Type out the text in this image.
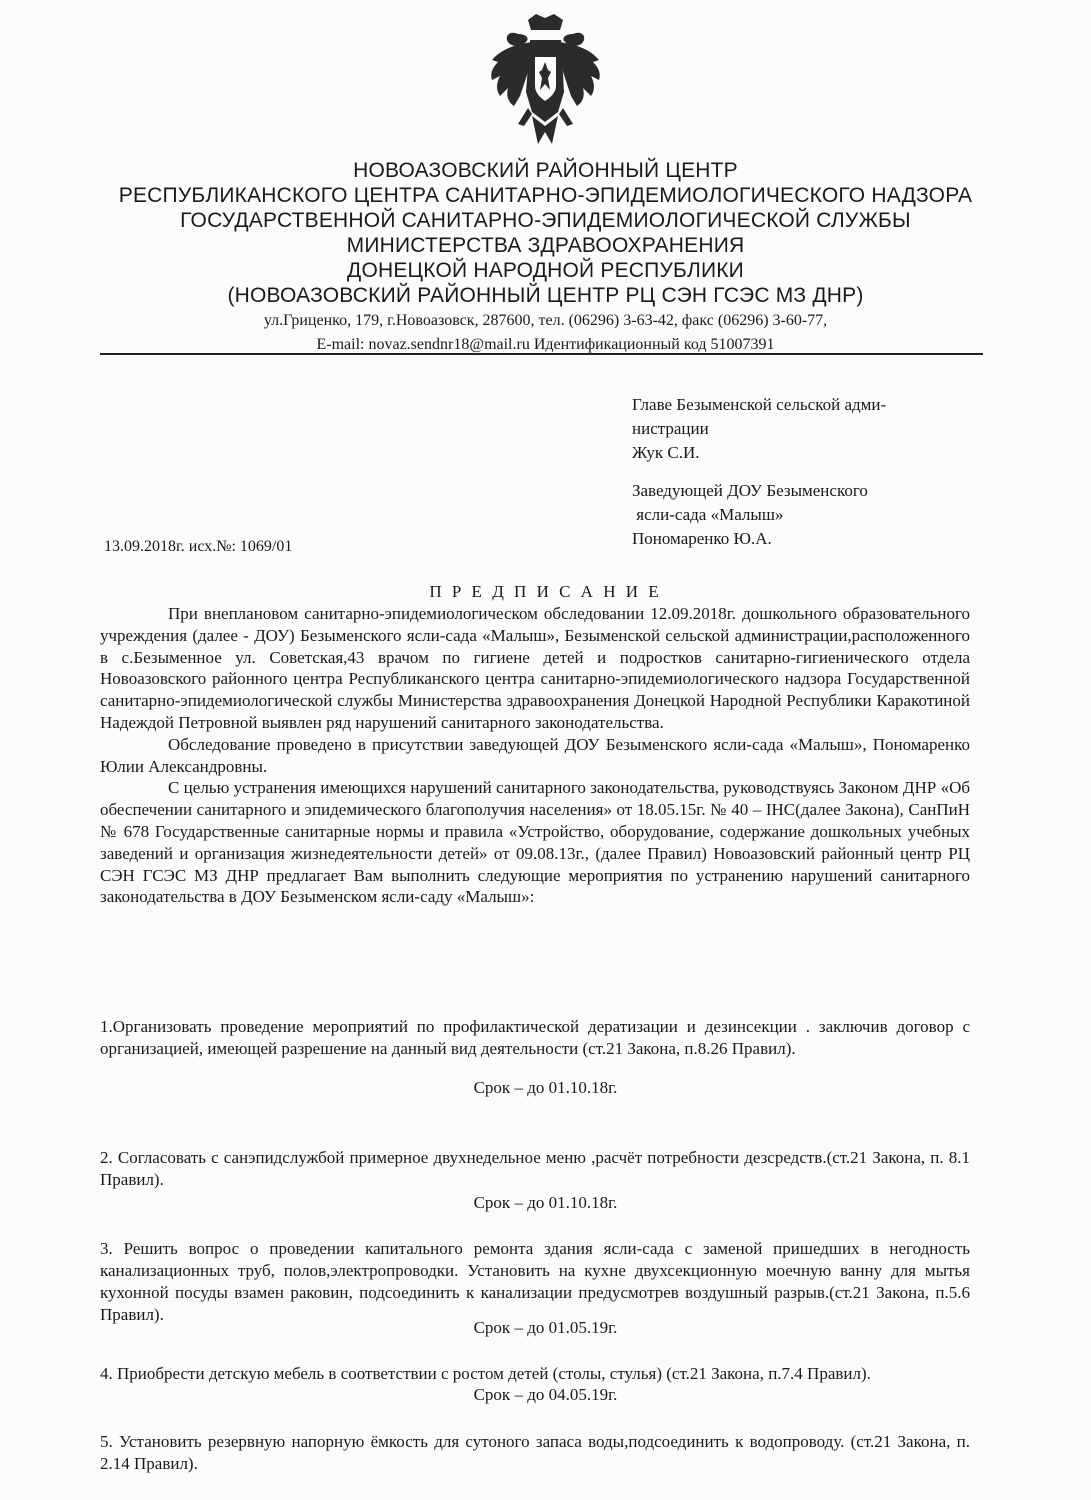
НОВОАЗОВСКИЙ РАЙОННЫЙ ЦЕНТР
РЕСПУБЛИКАНСКОГО ЦЕНТРА САНИТАРНО-ЭПИДЕМИОЛОГИЧЕСКОГО НАДЗОРА
ГОСУДАРСТВЕННОЙ САНИТАРНО-ЭПИДЕМИОЛОГИЧЕСКОЙ СЛУЖБЫ
МИНИСТЕРСТВА ЗДРАВООХРАНЕНИЯ
ДОНЕЦКОЙ НАРОДНОЙ РЕСПУБЛИКИ
(НОВОАЗОВСКИЙ РАЙОННЫЙ ЦЕНТР РЦ СЭН ГСЭС МЗ ДНР)
ул.Гриценко, 179, г.Новоазовск, 287600, тел. (06296) 3-63-42, факс (06296) 3-60-77,
E-mail: novaz.sendnr18@mail.ru Идентификационный код 51007391
Главе Безыменской сельской адми-
нистрации
Жук С.И.
Заведующей ДОУ Безыменского
ясли-сада «Малыш»
Пономаренко Ю.А.
13.09.2018г. исх.№: 1069/01
П Р Е Д П И С А Н И Е

При внеплановом санитарно-эпидемиологическом обследовании 12.09.2018г. дошкольного образовательного учреждения (далее - ДОУ) Безыменского ясли-сада «Малыш», Безыменской сельской администрации,расположенного в с.Безыменное ул. Советская,43 врачом по гигиене детей и подростков санитарно-гигиенического отдела Новоазовского районного центра Республиканского центра санитарно-эпидемиологического надзора Государственной санитарно-эпидемиологической службы Министерства здравоохранения Донецкой Народной Республики Каракотиной Надеждой Петровной выявлен ряд нарушений санитарного законодательства.

Обследование проведено в присутствии заведующей ДОУ Безыменского ясли-сада «Малыш», Пономаренко Юлии Александровны.

С целью устранения имеющихся нарушений санитарного законодательства, руководствуясь Законом ДНР «Об обеспечении санитарного и эпидемического благополучия населения» от 18.05.15г. № 40 – IHC(далее Закона), СанПиН № 678 Государственные санитарные нормы и правила «Устройство, оборудование, содержание дошкольных учебных заведений и организация жизнедеятельности детей» от 09.08.13г., (далее Правил) Новоазовский районный центр РЦ СЭН ГСЭС МЗ ДНР предлагает Вам выполнить следующие мероприятия по устранению нарушений санитарного законодательства в ДОУ Безыменском ясли-саду «Малыш»:

1.Организовать проведение мероприятий по профилактической дератизации и дезинсекции . заключив договор с организацией, имеющей разрешение на данный вид деятельности (ст.21 Закона, п.8.26 Правил).
Срок – до 01.10.18г.
2. Согласовать с санэпидслужбой примерное двухнедельное меню ,расчёт потребности дезсредств.(ст.21 Закона, п. 8.1 Правил).
Срок – до 01.10.18г.
3. Решить вопрос о проведении капитального ремонта здания ясли-сада с заменой пришедших в негодность канализационных труб, полов,электропроводки. Установить на кухне двухсекционную моечную ванну для мытья кухонной посуды взамен раковин, подсоединить к канализации предусмотрев воздушный разрыв.(ст.21 Закона, п.5.6 Правил).
Срок – до 01.05.19г.
4. Приобрести детскую мебель в соответствии с ростом детей (столы, стулья) (ст.21 Закона, п.7.4 Правил).
Срок – до 04.05.19г.
5. Установить резервную напорную ёмкость для сутоного запаса воды,подсоединить к водопроводу. (ст.21 Закона, п. 2.14 Правил).
